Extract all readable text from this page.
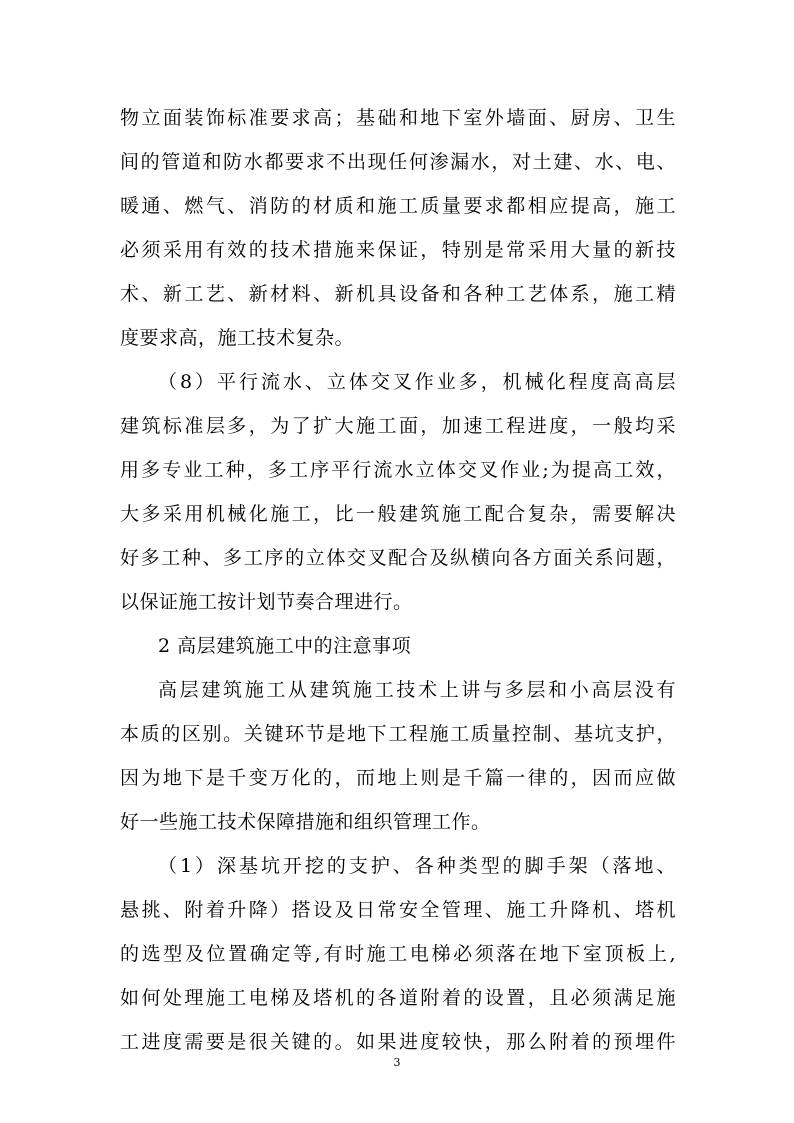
物立面装饰标准要求高；基础和地下室外墙面、厨房、卫生
间的管道和防水都要求不出现任何渗漏水，对土建、水、电、
暖通、燃气、消防的材质和施工质量要求都相应提高，施工
必须采用有效的技术措施来保证，特别是常采用大量的新技
术、新工艺、新材料、新机具设备和各种工艺体系，施工精
度要求高，施工技术复杂。
（8）平行流水、立体交叉作业多，机械化程度高高层
建筑标准层多，为了扩大施工面，加速工程进度，一般均采
用多专业工种，多工序平行流水立体交叉作业;为提高工效，
大多采用机械化施工，比一般建筑施工配合复杂，需要解决
好多工种、多工序的立体交叉配合及纵横向各方面关系问题，
以保证施工按计划节奏合理进行。
2 高层建筑施工中的注意事项
高层建筑施工从建筑施工技术上讲与多层和小高层没有
本质的区别。关键环节是地下工程施工质量控制、基坑支护，
因为地下是千变万化的，而地上则是千篇一律的，因而应做
好一些施工技术保障措施和组织管理工作。
（1）深基坑开挖的支护、各种类型的脚手架（落地、
悬挑、附着升降）搭设及日常安全管理、施工升降机、塔机
的选型及位置确定等,有时施工电梯必须落在地下室顶板上,
如何处理施工电梯及塔机的各道附着的设置，且必须满足施
工进度需要是很关键的。如果进度较快，那么附着的预埋件
3
